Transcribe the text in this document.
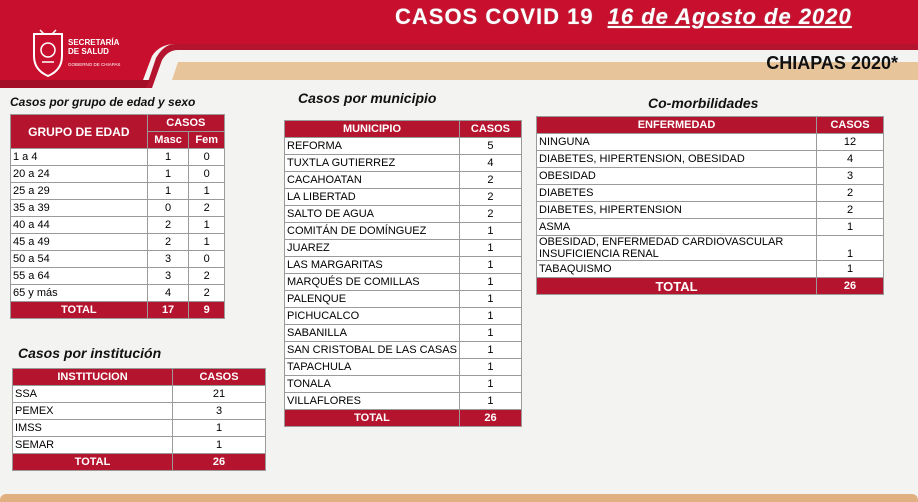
SECRETARÍA
DE SALUD
GOBIERNO DE CHIAPAS
CASOS COVID 19 16 de Agosto de 2020
CHIAPAS 2020*
Casos por grupo de edad y sexo
GRUPO DE EDAD	CASOS	
	Masc	Fem
1 a 4	1	0
20 a 24	1	0
25 a 29	1	1
35 a 39	0	2
40 a 44	2	1
45 a 49	2	1
50 a 54	3	0
55 a 64	3	2
65 y más	4	2
TOTAL	17	9
Casos por institución
INSTITUCION	CASOS
SSA	21
PEMEX	3
IMSS	1
SEMAR	1
TOTAL	26
Casos por municipio
MUNICIPIO	CASOS
REFORMA	5
TUXTLA GUTIERREZ	4
CACAHOATAN	2
LA LIBERTAD	2
SALTO DE AGUA	2
COMITÁN DE DOMÍNGUEZ	1
JUAREZ	1
LAS MARGARITAS	1
MARQUÉS DE COMILLAS	1
PALENQUE	1
PICHUCALCO	1
SABANILLA	1
SAN CRISTOBAL DE LAS CASAS	1
TAPACHULA	1
TONALA	1
VILLAFLORES	1
TOTAL	26
Co-morbilidades
ENFERMEDAD	CASOS
NINGUNA	12
DIABETES, HIPERTENSION, OBESIDAD	4
OBESIDAD	3
DIABETES	2
DIABETES, HIPERTENSION	2
ASMA	1

OBESIDAD, ENFERMEDAD CARDIOVASCULAR
INSUFICIENCIA RENAL	1
TABAQUISMO	1
TOTAL	26
